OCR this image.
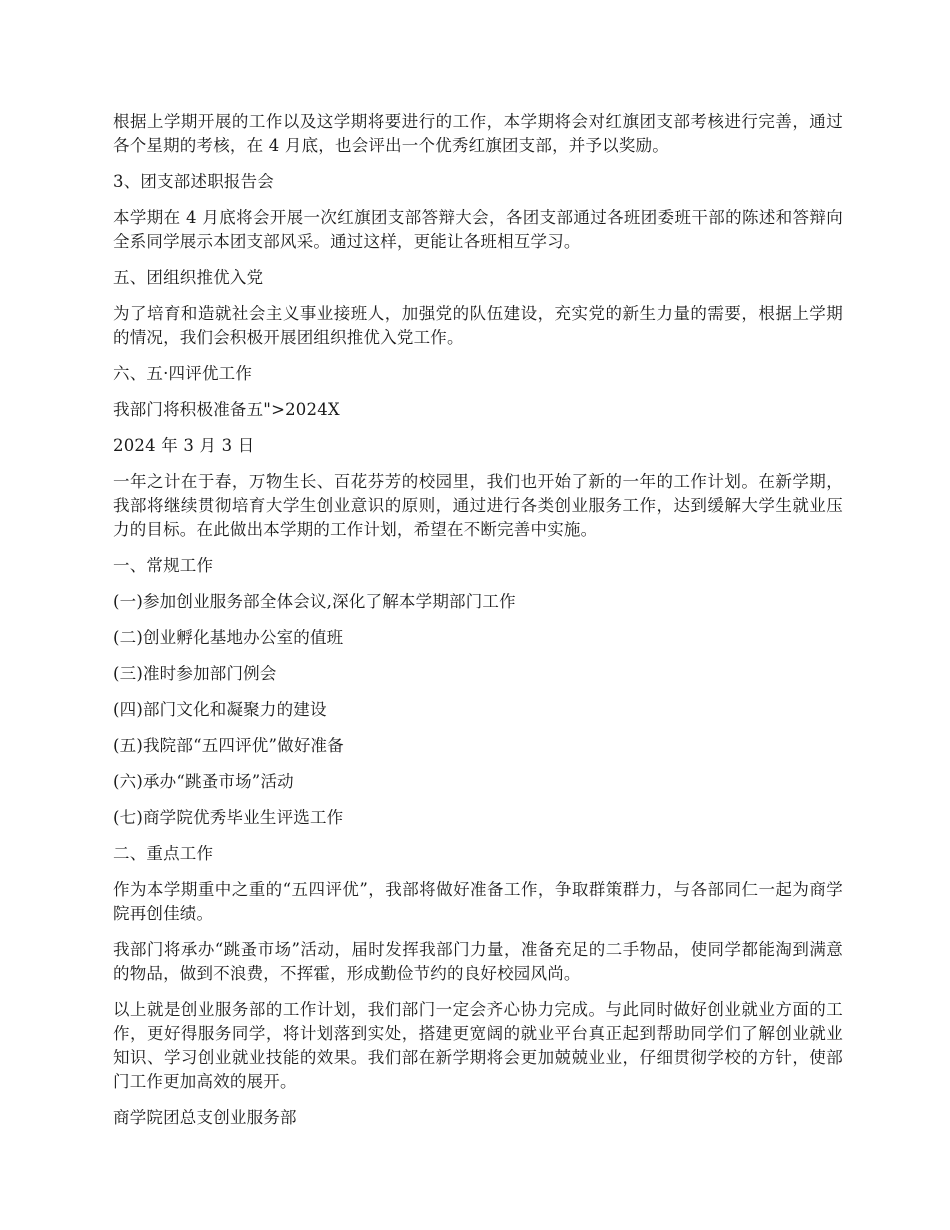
根据上学期开展的工作以及这学期将要进行的工作，本学期将会对红旗团支部考核进行完善，通过各个星期的考核，在 4 月底，也会评出一个优秀红旗团支部，并予以奖励。

3、团支部述职报告会

本学期在 4 月底将会开展一次红旗团支部答辩大会，各团支部通过各班团委班干部的陈述和答辩向全系同学展示本团支部风采。通过这样，更能让各班相互学习。

五、团组织推优入党

为了培育和造就社会主义事业接班人，加强党的队伍建设，充实党的新生力量的需要，根据上学期的情况，我们会积极开展团组织推优入党工作。

六、五·四评优工作

我部门将积极准备五">2024X

2024 年 3 月 3 日

一年之计在于春，万物生长、百花芬芳的校园里，我们也开始了新的一年的工作计划。在新学期，我部将继续贯彻培育大学生创业意识的原则，通过进行各类创业服务工作，达到缓解大学生就业压力的目标。在此做出本学期的工作计划，希望在不断完善中实施。

一、常规工作

(一)参加创业服务部全体会议,深化了解本学期部门工作

(二)创业孵化基地办公室的值班

(三)准时参加部门例会

(四)部门文化和凝聚力的建设

(五)我院部“五四评优”做好准备

(六)承办“跳蚤市场”活动

(七)商学院优秀毕业生评选工作

二、重点工作

作为本学期重中之重的“五四评优”，我部将做好准备工作，争取群策群力，与各部同仁一起为商学院再创佳绩。

我部门将承办“跳蚤市场”活动，届时发挥我部门力量，准备充足的二手物品，使同学都能淘到满意的物品，做到不浪费，不挥霍，形成勤俭节约的良好校园风尚。

以上就是创业服务部的工作计划，我们部门一定会齐心协力完成。与此同时做好创业就业方面的工作，更好得服务同学，将计划落到实处，搭建更宽阔的就业平台真正起到帮助同学们了解创业就业知识、学习创业就业技能的效果。我们部在新学期将会更加兢兢业业，仔细贯彻学校的方针，使部门工作更加高效的展开。

商学院团总支创业服务部
